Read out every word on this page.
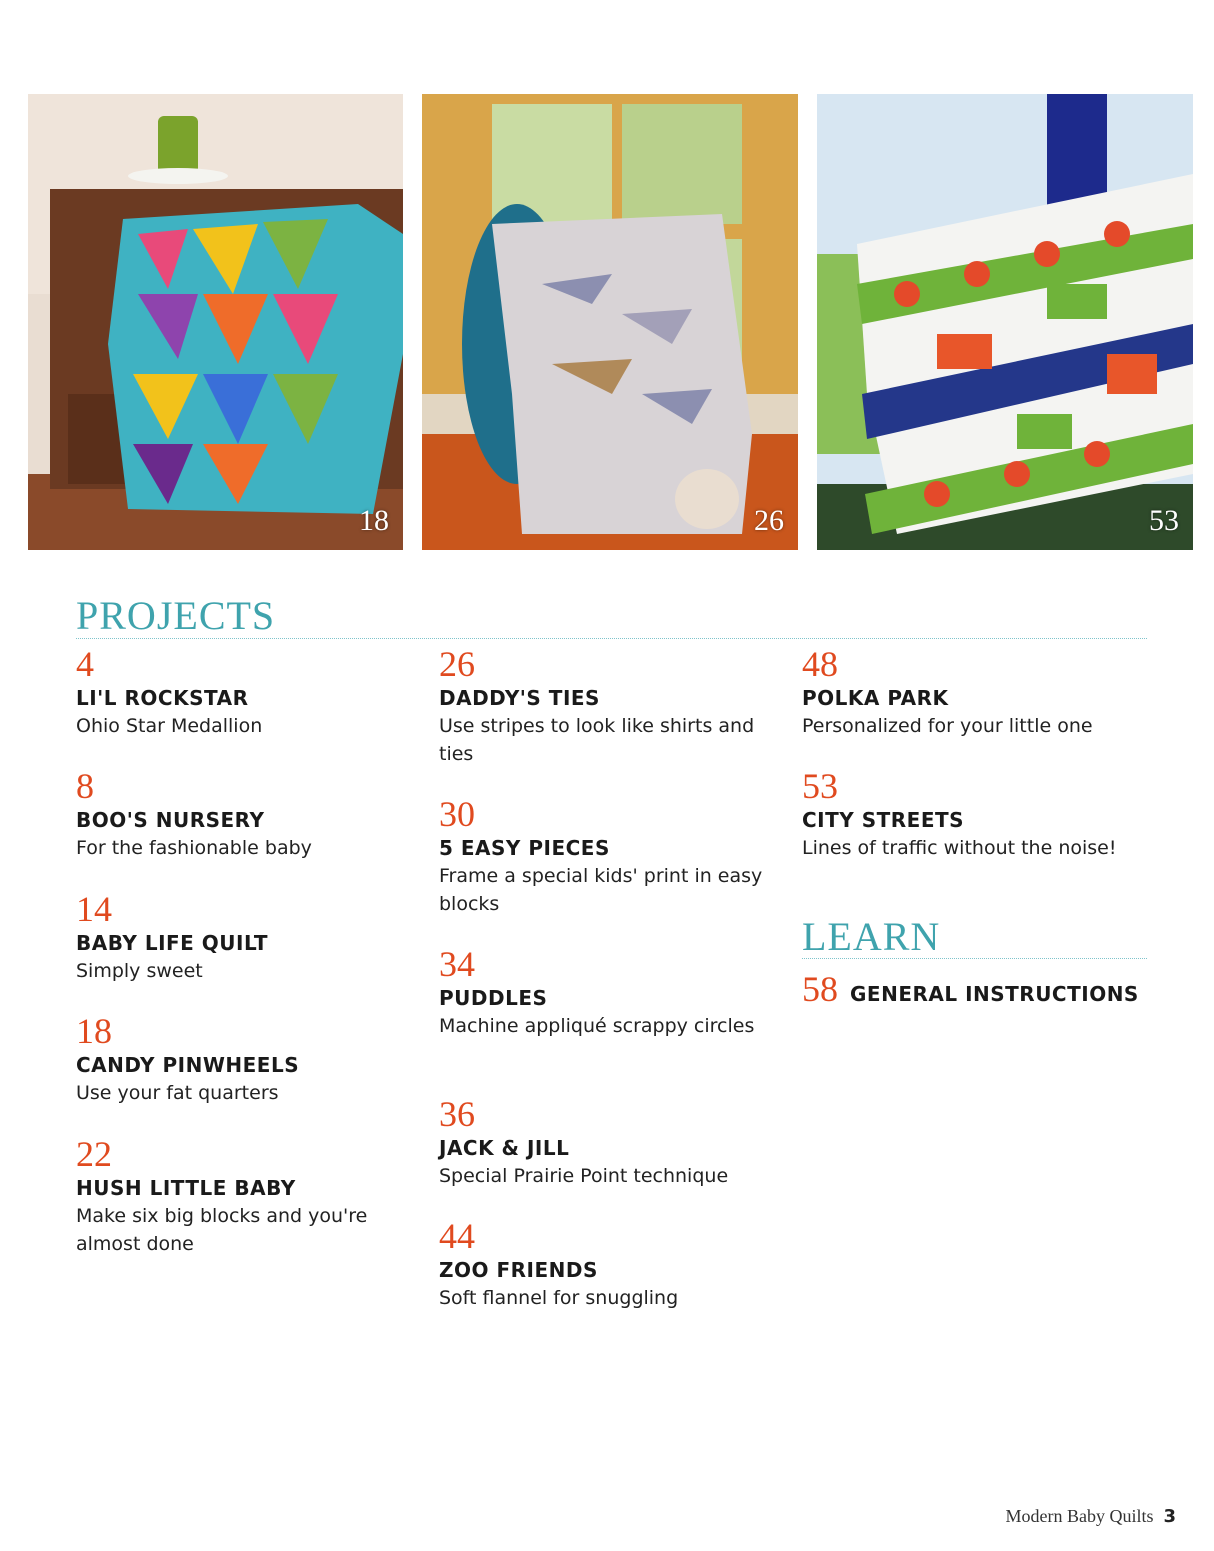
18	26	53
PROJECTS
4
LI'L ROCKSTAR
Ohio Star Medallion
8
BOO'S NURSERY
For the fashionable baby
14
BABY LIFE QUILT
Simply sweet
18
CANDY PINWHEELS
Use your fat quarters
22
HUSH LITTLE BABY
Make six big blocks and you're almost done
26
DADDY'S TIES
Use stripes to look like shirts and ties
30
5 EASY PIECES
Frame a special kids' print in easy blocks
34
PUDDLES
Machine appliqué scrappy circles
36
JACK & JILL
Special Prairie Point technique
44
ZOO FRIENDS
Soft flannel for snuggling
48
POLKA PARK
Personalized for your little one
53
CITY STREETS
Lines of traffic without the noise!
LEARN
58 GENERAL INSTRUCTIONS
Modern Baby Quilts 3
